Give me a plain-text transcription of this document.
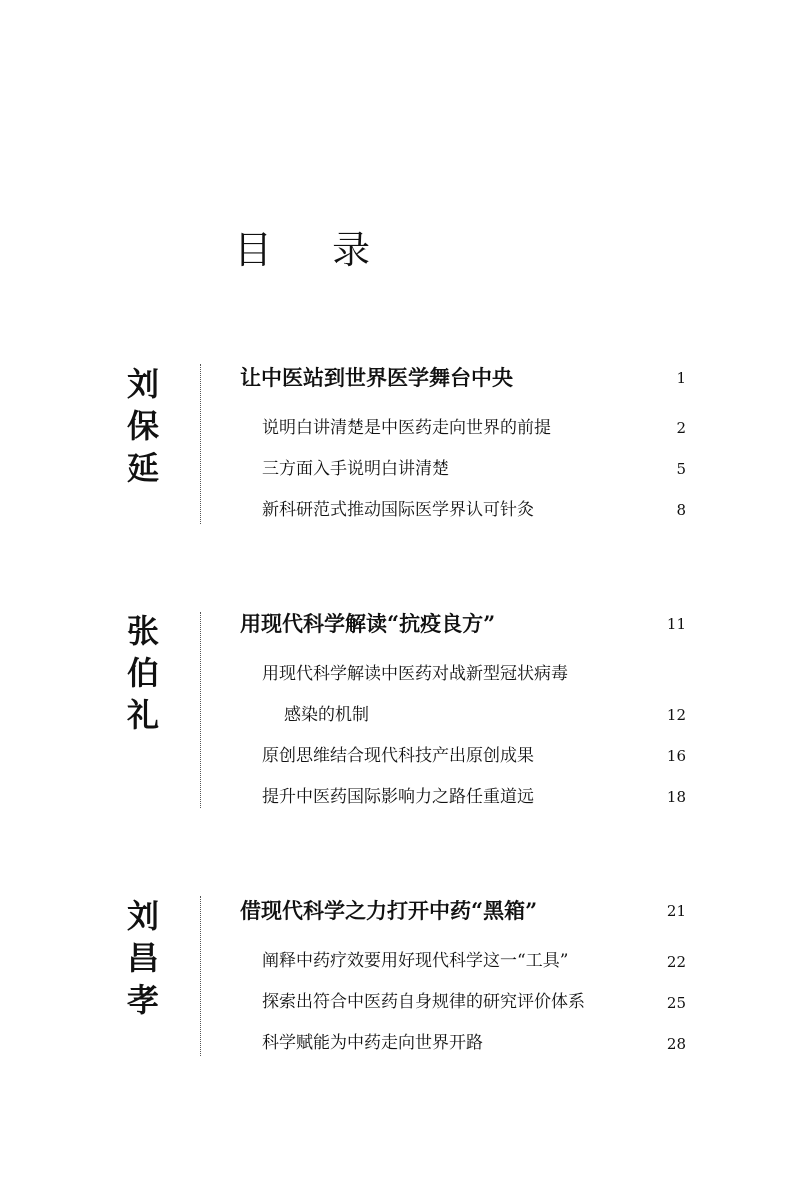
目 录
刘
保
延
让中医站到世界医学舞台中央	1
说明白讲清楚是中医药走向世界的前提	2
三方面入手说明白讲清楚	5
新科研范式推动国际医学界认可针灸	8
张
伯
礼
用现代科学解读“抗疫良方”	11
用现代科学解读中医药对战新型冠状病毒
感染的机制	12
原创思维结合现代科技产出原创成果	16
提升中医药国际影响力之路任重道远	18
刘
昌
孝
借现代科学之力打开中药“黑箱”	21
阐释中药疗效要用好现代科学这一“工具”	22
探索出符合中医药自身规律的研究评价体系	25
科学赋能为中药走向世界开路	28
